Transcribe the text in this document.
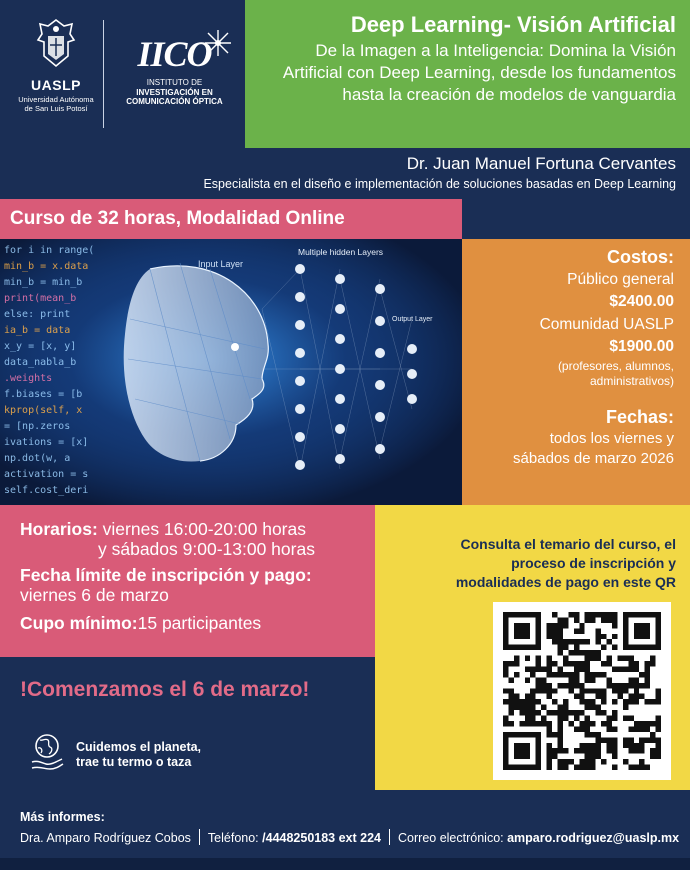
UASLP
Universidad Autónoma de San Luis Potosí
IICO
INSTITUTO DE
INVESTIGACIÓN EN
COMUNICACIÓN ÓPTICA
Deep Learning- Visión Artificial
De la Imagen a la Inteligencia: Domina la Visión Artificial con Deep Learning, desde los fundamentos hasta la creación de modelos de vanguardia
Dr. Juan Manuel Fortuna Cervantes
Especialista en el diseño e implementación de soluciones basadas en Deep Learning
Curso de 32 horas, Modalidad Online
for i in range(
min_b = x.data
min_b = min_b
print(mean_b
else: print
ia_b = data
x_y = [x, y]
data_nabla_b
.weights
f.biases = [b
kprop(self, x
= [np.zeros
ivations = [x]
np.dot(w, a
activation = s
self.cost_deri
Input Layer
Multiple hidden Layers
Output Layer
Costos:
Público general
$2400.00
Comunidad UASLP
$1900.00
(profesores, alumnos, administrativos)
Fechas:
todos los viernes y sábados de marzo 2026
Horarios: viernes 16:00-20:00 horas
y sábados 9:00-13:00 horas
Fecha límite de inscripción y pago:
viernes 6 de marzo
Cupo mínimo:15 participantes
Consulta el temario del curso, el proceso de inscripción y modalidades de pago en este QR
!Comenzamos el 6 de marzo!
Cuidemos el planeta,
trae tu termo o taza
Más informes:
Dra. Amparo Rodríguez Cobos Teléfono: /4448250183 ext 224 Correo electrónico: amparo.rodriguez@uaslp.mx
